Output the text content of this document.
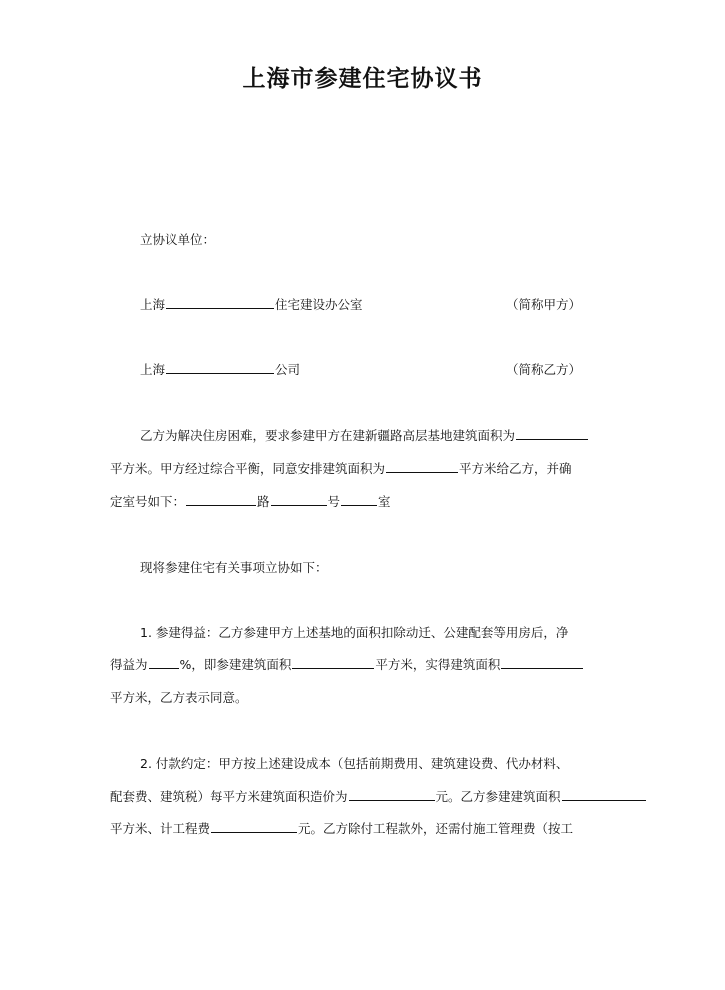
上海市参建住宅协议书
立协议单位：
上海	住宅建设办公室	（简称甲方）
上海	公司	（简称乙方）
乙方为解决住房困难，要求参建甲方在建新疆路高层基地建筑面积为
平方米。甲方经过综合平衡，同意安排建筑面积为	平方米给乙方，并确
定室号如下：	路	号	室
现将参建住宅有关事项立协如下：
1. 参建得益：乙方参建甲方上述基地的面积扣除动迁、公建配套等用房后，净
得益为	%，即参建建筑面积	平方米，实得建筑面积
平方米，乙方表示同意。
2. 付款约定：甲方按上述建设成本（包括前期费用、建筑建设费、代办材料、
配套费、建筑税）每平方米建筑面积造价为	元。乙方参建建筑面积
平方米、计工程费	元。乙方除付工程款外，还需付施工管理费（按工
